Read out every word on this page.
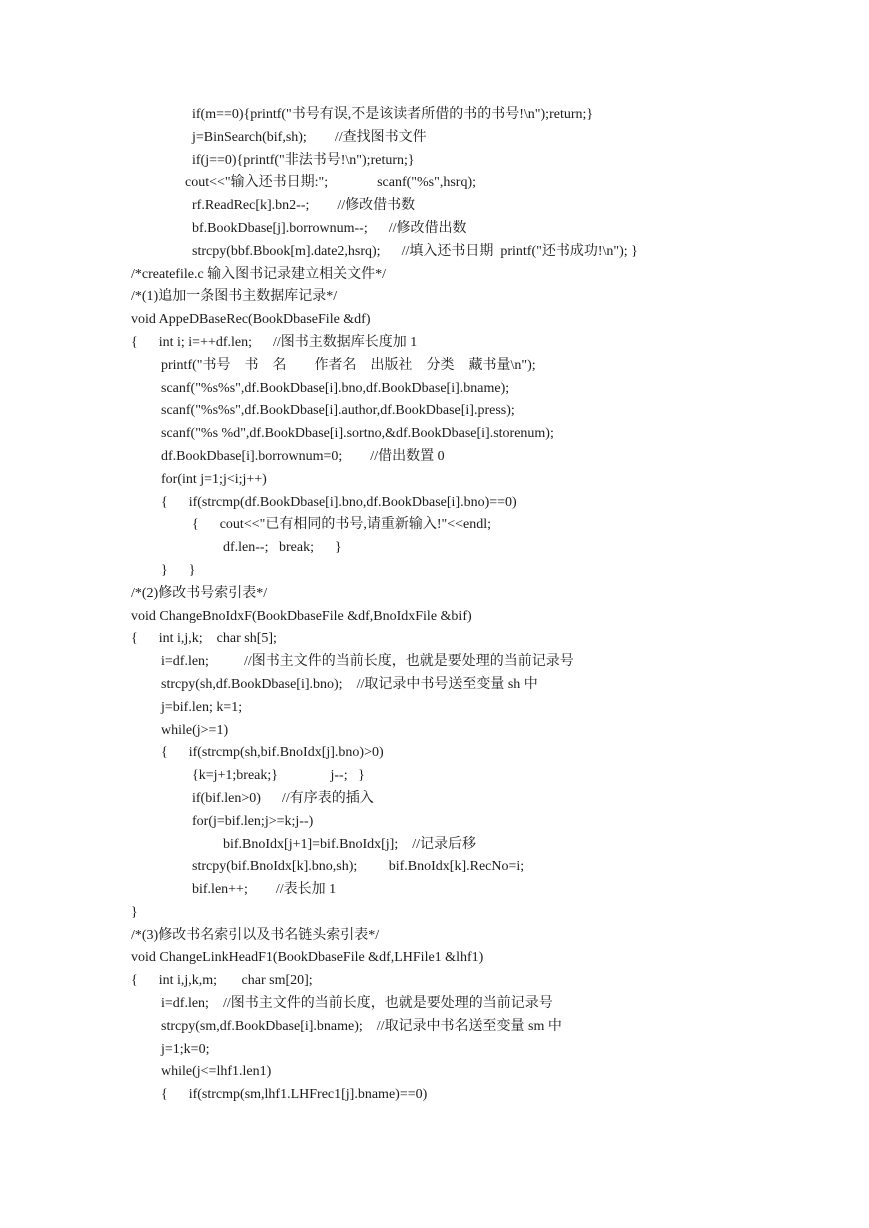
if(m==0){printf("书号有误,不是该读者所借的书的书号!\n");return;}
j=BinSearch(bif,sh);        //查找图书文件
if(j==0){printf("非法书号!\n");return;}
cout<<"输入还书日期:";              scanf("%s",hsrq);
rf.ReadRec[k].bn2--;        //修改借书数
bf.BookDbase[j].borrownum--;      //修改借出数
strcpy(bbf.Bbook[m].date2,hsrq);      //填入还书日期  printf("还书成功!\n"); }
/*createfile.c 输入图书记录建立相关文件*/
/*(1)追加一条图书主数据库记录*/
void AppeDBaseRec(BookDbaseFile &df)
{      int i; i=++df.len;      //图书主数据库长度加 1
printf("书号    书    名        作者名    出版社    分类    藏书量\n");
scanf("%s%s",df.BookDbase[i].bno,df.BookDbase[i].bname);
scanf("%s%s",df.BookDbase[i].author,df.BookDbase[i].press);
scanf("%s %d",df.BookDbase[i].sortno,&df.BookDbase[i].storenum);
df.BookDbase[i].borrownum=0;        //借出数置 0
for(int j=1;j<i;j++)
{      if(strcmp(df.BookDbase[i].bno,df.BookDbase[i].bno)==0)
{      cout<<"已有相同的书号,请重新输入!"<<endl;
df.len--;   break;      }
}      }
/*(2)修改书号索引表*/
void ChangeBnoIdxF(BookDbaseFile &df,BnoIdxFile &bif)
{      int i,j,k;    char sh[5];
i=df.len;          //图书主文件的当前长度，也就是要处理的当前记录号
strcpy(sh,df.BookDbase[i].bno);    //取记录中书号送至变量 sh 中
j=bif.len; k=1;
while(j>=1)
{      if(strcmp(sh,bif.BnoIdx[j].bno)>0)
{k=j+1;break;}               j--;   }
if(bif.len>0)      //有序表的插入
for(j=bif.len;j>=k;j--)
bif.BnoIdx[j+1]=bif.BnoIdx[j];    //记录后移
strcpy(bif.BnoIdx[k].bno,sh);         bif.BnoIdx[k].RecNo=i;
bif.len++;        //表长加 1
}
/*(3)修改书名索引以及书名链头索引表*/
void ChangeLinkHeadF1(BookDbaseFile &df,LHFile1 &lhf1)
{      int i,j,k,m;       char sm[20];
i=df.len;    //图书主文件的当前长度，也就是要处理的当前记录号
strcpy(sm,df.BookDbase[i].bname);    //取记录中书名送至变量 sm 中
j=1;k=0;
while(j<=lhf1.len1)
{      if(strcmp(sm,lhf1.LHFrec1[j].bname)==0)
